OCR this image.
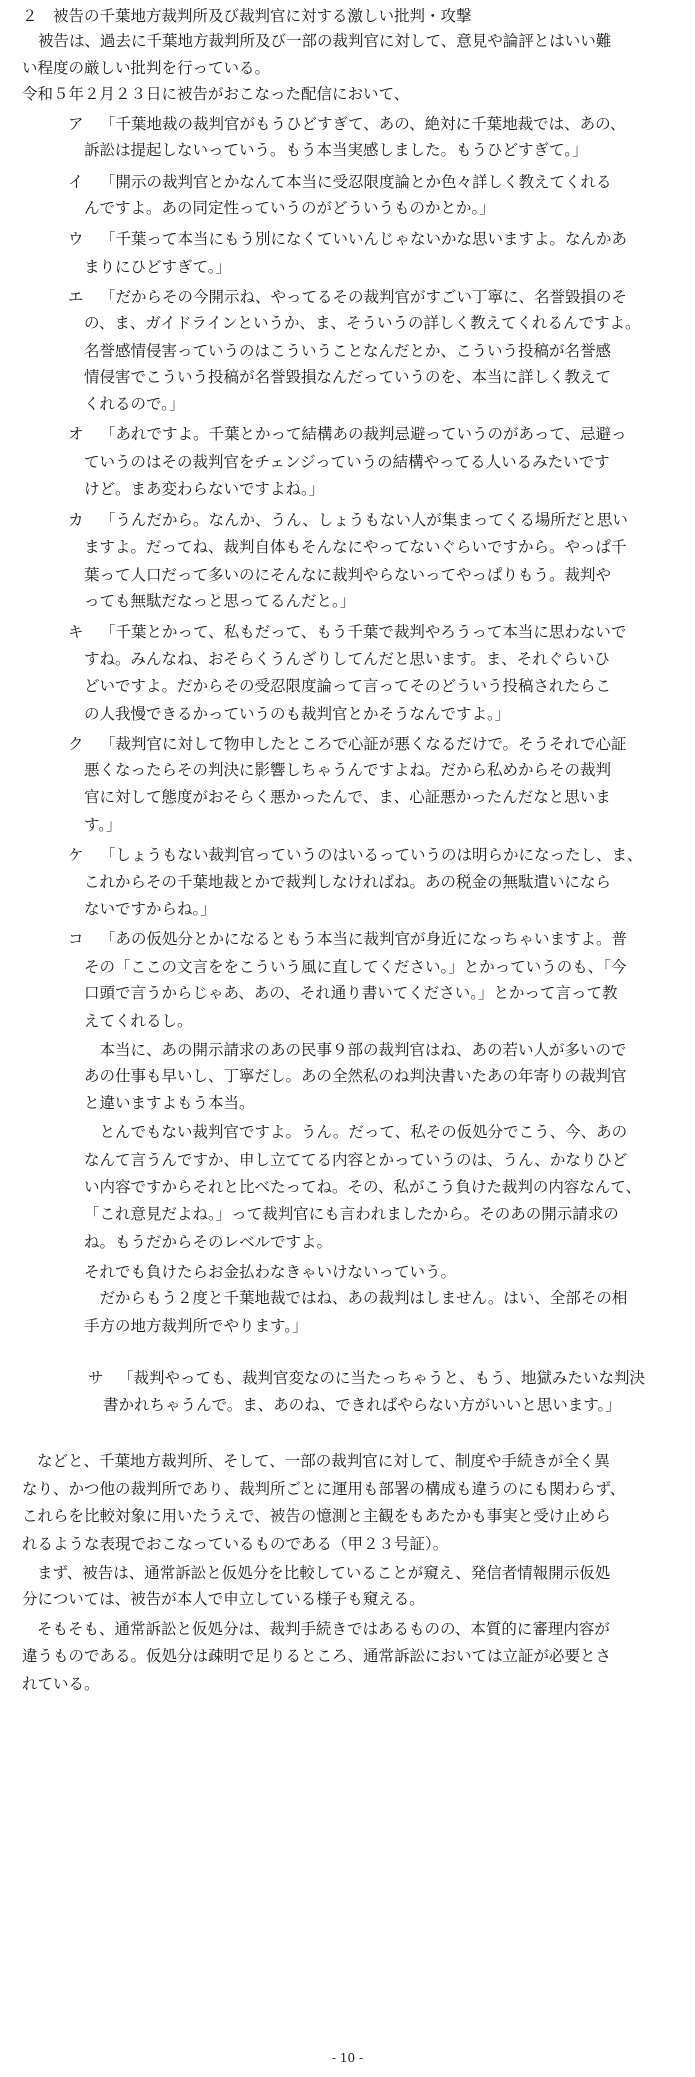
２　被告の千葉地方裁判所及び裁判官に対する激しい批判・攻撃
被告は、過去に千葉地方裁判所及び一部の裁判官に対して、意見や論評とはいい難
い程度の厳しい批判を行っている。
令和５年２月２３日に被告がおこなった配信において、
ア 「千葉地裁の裁判官がもうひどすぎて、あの、絶対に千葉地裁では、あの、
訴訟は提起しないっていう。もう本当実感しました。もうひどすぎて。」
イ 「開示の裁判官とかなんて本当に受忍限度論とか色々詳しく教えてくれる
んですよ。あの同定性っていうのがどういうものかとか。」
ウ 「千葉って本当にもう別になくていいんじゃないかな思いますよ。なんかあ
まりにひどすぎて。」
エ 「だからその今開示ね、やってるその裁判官がすごい丁寧に、名誉毀損のそ
の、ま、ガイドラインというか、ま、そういうの詳しく教えてくれるんですよ。
名誉感情侵害っていうのはこういうことなんだとか、こういう投稿が名誉感
情侵害でこういう投稿が名誉毀損なんだっていうのを、本当に詳しく教えて
くれるので。」
オ 「あれですよ。千葉とかって結構あの裁判忌避っていうのがあって、忌避っ
ていうのはその裁判官をチェンジっていうの結構やってる人いるみたいです
けど。まあ変わらないですよね。」
カ 「うんだから。なんか、うん、しょうもない人が集まってくる場所だと思い
ますよ。だってね、裁判自体もそんなにやってないぐらいですから。やっぱ千
葉って人口だって多いのにそんなに裁判やらないってやっぱりもう。裁判や
っても無駄だなっと思ってるんだと。」
キ 「千葉とかって、私もだって、もう千葉で裁判やろうって本当に思わないで
すね。みんなね、おそらくうんざりしてんだと思います。ま、それぐらいひ
どいですよ。だからその受忍限度論って言ってそのどういう投稿されたらこ
の人我慢できるかっていうのも裁判官とかそうなんですよ。」
ク 「裁判官に対して物申したところで心証が悪くなるだけで。そうそれで心証
悪くなったらその判決に影響しちゃうんですよね。だから私めからその裁判
官に対して態度がおそらく悪かったんで、ま、心証悪かったんだなと思いま
す。」
ケ 「しょうもない裁判官っていうのはいるっていうのは明らかになったし、ま、
これからその千葉地裁とかで裁判しなければね。あの税金の無駄遣いになら
ないですからね。」
コ 「あの仮処分とかになるともう本当に裁判官が身近になっちゃいますよ。普
その「ここの文言ををこういう風に直してください。」とかっていうのも、「今
口頭で言うからじゃあ、あの、それ通り書いてください。」とかって言って教
えてくれるし。
　本当に、あの開示請求のあの民事９部の裁判官はね、あの若い人が多いので
あの仕事も早いし、丁寧だし。あの全然私のね判決書いたあの年寄りの裁判官
と違いますよもう本当。
　とんでもない裁判官ですよ。うん。だって、私その仮処分でこう、今、あの
なんて言うんですか、申し立ててる内容とかっていうのは、うん、かなりひど
い内容ですからそれと比べたってね。その、私がこう負けた裁判の内容なんて、
「これ意見だよね。」って裁判官にも言われましたから。そのあの開示請求の
ね。もうだからそのレベルですよ。
それでも負けたらお金払わなきゃいけないっていう。
　だからもう２度と千葉地裁ではね、あの裁判はしません。はい、全部その相
手方の地方裁判所でやります。」
サ 「裁判やっても、裁判官変なのに当たっちゃうと、もう、地獄みたいな判決
書かれちゃうんで。ま、あのね、できればやらない方がいいと思います。」
などと、千葉地方裁判所、そして、一部の裁判官に対して、制度や手続きが全く異
なり、かつ他の裁判所であり、裁判所ごとに運用も部署の構成も違うのにも関わらず、
これらを比較対象に用いたうえで、被告の憶測と主観をもあたかも事実と受け止めら
れるような表現でおこなっているものである（甲２３号証）。
まず、被告は、通常訴訟と仮処分を比較していることが窺え、発信者情報開示仮処
分については、被告が本人で申立している様子も窺える。
そもそも、通常訴訟と仮処分は、裁判手続きではあるものの、本質的に審理内容が
違うものである。仮処分は疎明で足りるところ、通常訴訟においては立証が必要とさ
れている。
- 10 -
